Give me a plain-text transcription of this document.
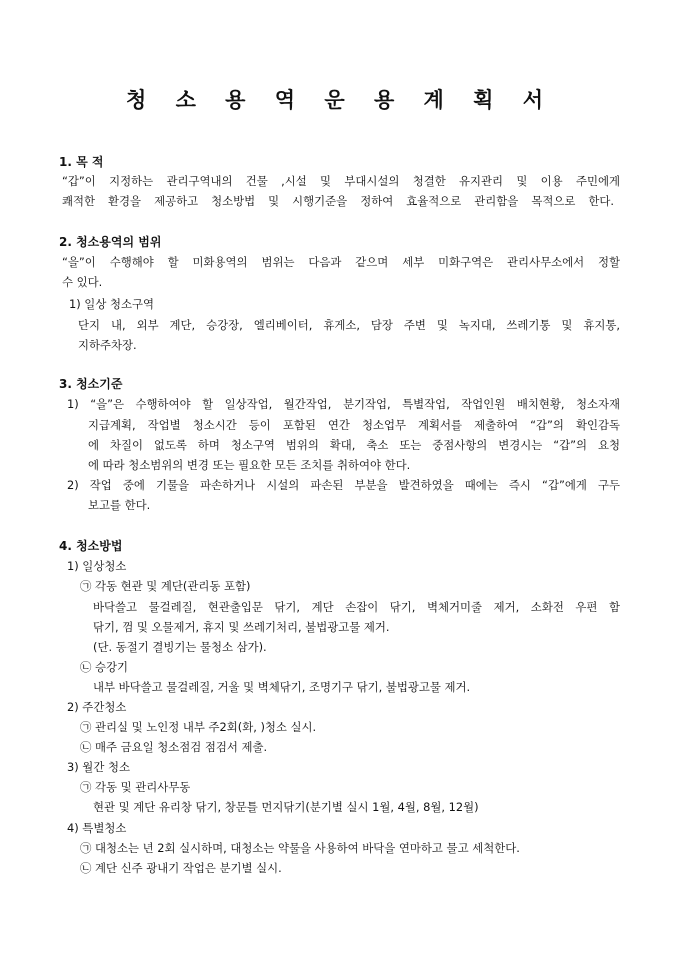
청 소 용 역 운 용 계 획 서
1. 목 적
“갑”이 지정하는 관리구역내의 건물 ,시설 및 부대시설의 청결한 유지관리 및 이용 주민에게
쾌적한 환경을 제공하고 청소방법 및 시행기준을 정하여 효율적으로 관리함을 목적으로 한다.
2. 청소용역의 범위
“을”이 수행해야 할 미화용역의 범위는 다음과 같으며 세부 미화구역은 관리사무소에서 정할
수 있다.
1) 일상 청소구역
단지 내, 외부 계단, 승강장, 엘리베이터, 휴게소, 담장 주변 및 녹지대, 쓰레기통 및 휴지통,
지하주차장.
3. 청소기준
1) “을”은 수행하여야 할 일상작업, 월간작업, 분기작업, 특별작업, 작업인원 배치현황, 청소자재
지급계획, 작업별 청소시간 등이 포함된 연간 청소업무 계획서를 제출하여 “갑”의 확인감독
에 차질이 없도록 하며 청소구역 범위의 확대, 축소 또는 중점사항의 변경시는 “갑”의 요청
에 따라 청소범위의 변경 또는 필요한 모든 조치를 취하여야 한다.
2) 작업 중에 기물을 파손하거나 시설의 파손된 부분을 발견하였을 때에는 즉시 “갑”에게 구두
보고를 한다.
4. 청소방법
1) 일상청소
㉠ 각동 현관 및 계단(관리동 포함)
바닥쓸고 물걸레질, 현관출입문 닦기, 계단 손잡이 닦기, 벽체거미줄 제거, 소화전 우편 함
닦기, 껌 및 오물제거, 휴지 및 쓰레기처리, 불법광고물 제거.
(단. 동절기 결빙기는 물청소 삼가).
㉡ 승강기
내부 바닥쓸고 물걸레질, 거울 및 벽체닦기, 조명기구 닦기, 불법광고물 제거.
2) 주간청소
㉠ 관리실 및 노인정 내부 주2회(화, )청소 실시.
㉡ 매주 금요일 청소점검 점검서 제출.
3) 월간 청소
㉠ 각동 및 관리사무동
현관 및 계단 유리창 닦기, 창문틀 먼지닦기(분기별 실시 1월, 4월, 8월, 12월)
4) 특별청소
㉠ 대청소는 년 2회 실시하며, 대청소는 약물을 사용하여 바닥을 연마하고 물고 세척한다.
㉡ 계단 신주 광내기 작업은 분기별 실시.
